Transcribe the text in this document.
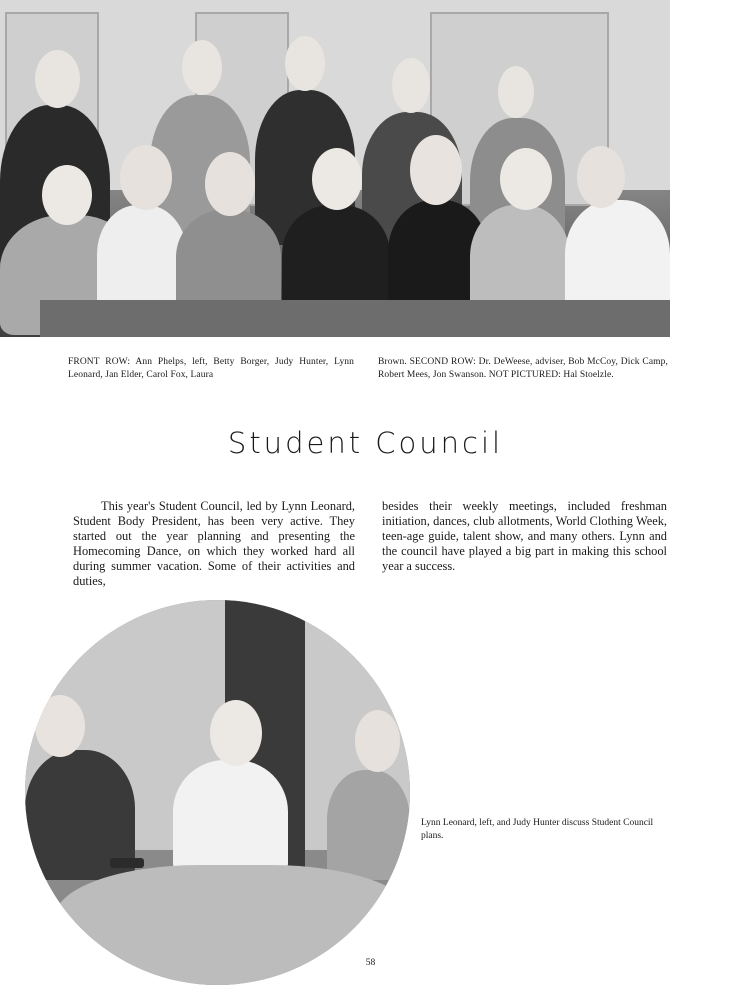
FRONT ROW: Ann Phelps, left, Betty Borger, Judy Hunter, Lynn Leonard, Jan Elder, Carol Fox, Laura
Brown. SECOND ROW: Dr. DeWeese, adviser, Bob McCoy, Dick Camp, Robert Mees, Jon Swanson. NOT PICTURED: Hal Stoelzle.
Student Council
This year's Student Council, led by Lynn Leonard, Student Body President, has been very active. They started out the year planning and presenting the Homecoming Dance, on which they worked hard all during summer vacation. Some of their activities and duties,
besides their weekly meetings, included freshman initiation, dances, club allotments, World Clothing Week, teen-age guide, talent show, and many others. Lynn and the council have played a big part in making this school year a success.
Lynn Leonard, left, and Judy Hunter discuss Student Council plans.
58
